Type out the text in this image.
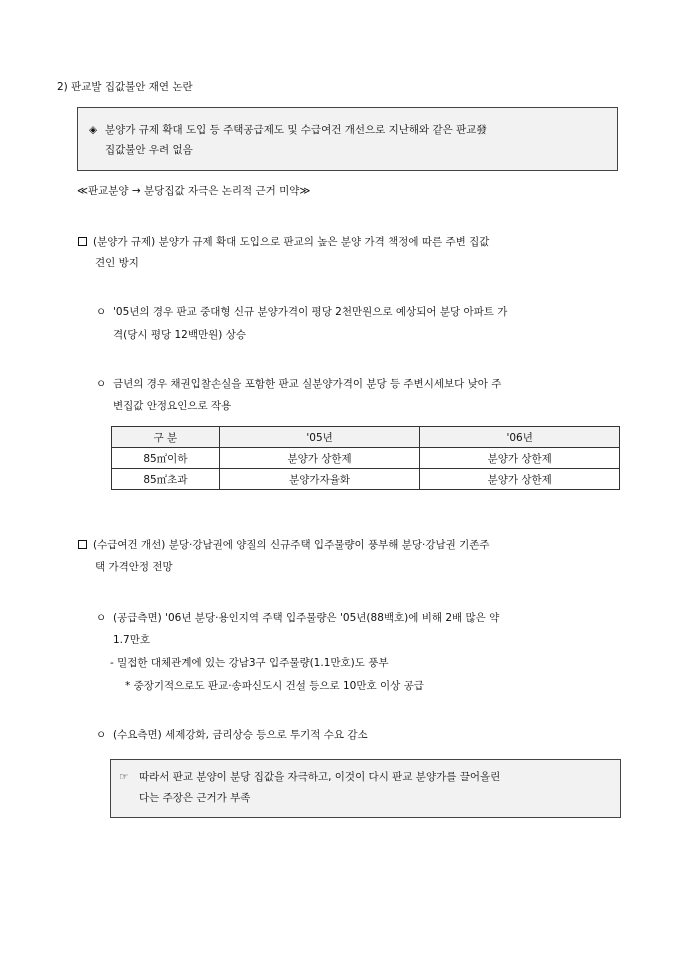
2) 판교발 집값불안 재연 논란
◈ 분양가 규제 확대 도입 등 주택공급제도 및 수급여건 개선으로 지난해와 같은 판교發
집값불안 우려 없음
≪판교분양 → 분당집값 자극은 논리적 근거 미약≫
(분양가 규제) 분양가 규제 확대 도입으로 판교의 높은 분양 가격 책정에 따른 주변 집값
견인 방지
ㅇ '05년의 경우 판교 중대형 신규 분양가격이 평당 2천만원으로 예상되어 분당 아파트 가
격(당시 평당 12백만원) 상승
ㅇ 금년의 경우 채권입찰손실을 포함한 판교 실분양가격이 분당 등 주변시세보다 낮아 주
변집값 안정요인으로 작용
구 분	'05년	'06년
85㎡이하	분양가 상한제	분양가 상한제
85㎡초과	분양가자율화	분양가 상한제
(수급여건 개선) 분당·강남권에 양질의 신규주택 입주물량이 풍부해 분당·강남권 기존주
택 가격안정 전망
ㅇ (공급측면) '06년 분당·용인지역 주택 입주물량은 '05년(88백호)에 비해 2배 많은 약
1.7만호
- 밀접한 대체관계에 있는 강남3구 입주물량(1.1만호)도 풍부
* 중장기적으로도 판교·송파신도시 건설 등으로 10만호 이상 공급
ㅇ (수요측면) 세제강화, 금리상승 등으로 투기적 수요 감소
☞ 따라서 판교 분양이 분당 집값을 자극하고, 이것이 다시 판교 분양가를 끌어올린
다는 주장은 근거가 부족
